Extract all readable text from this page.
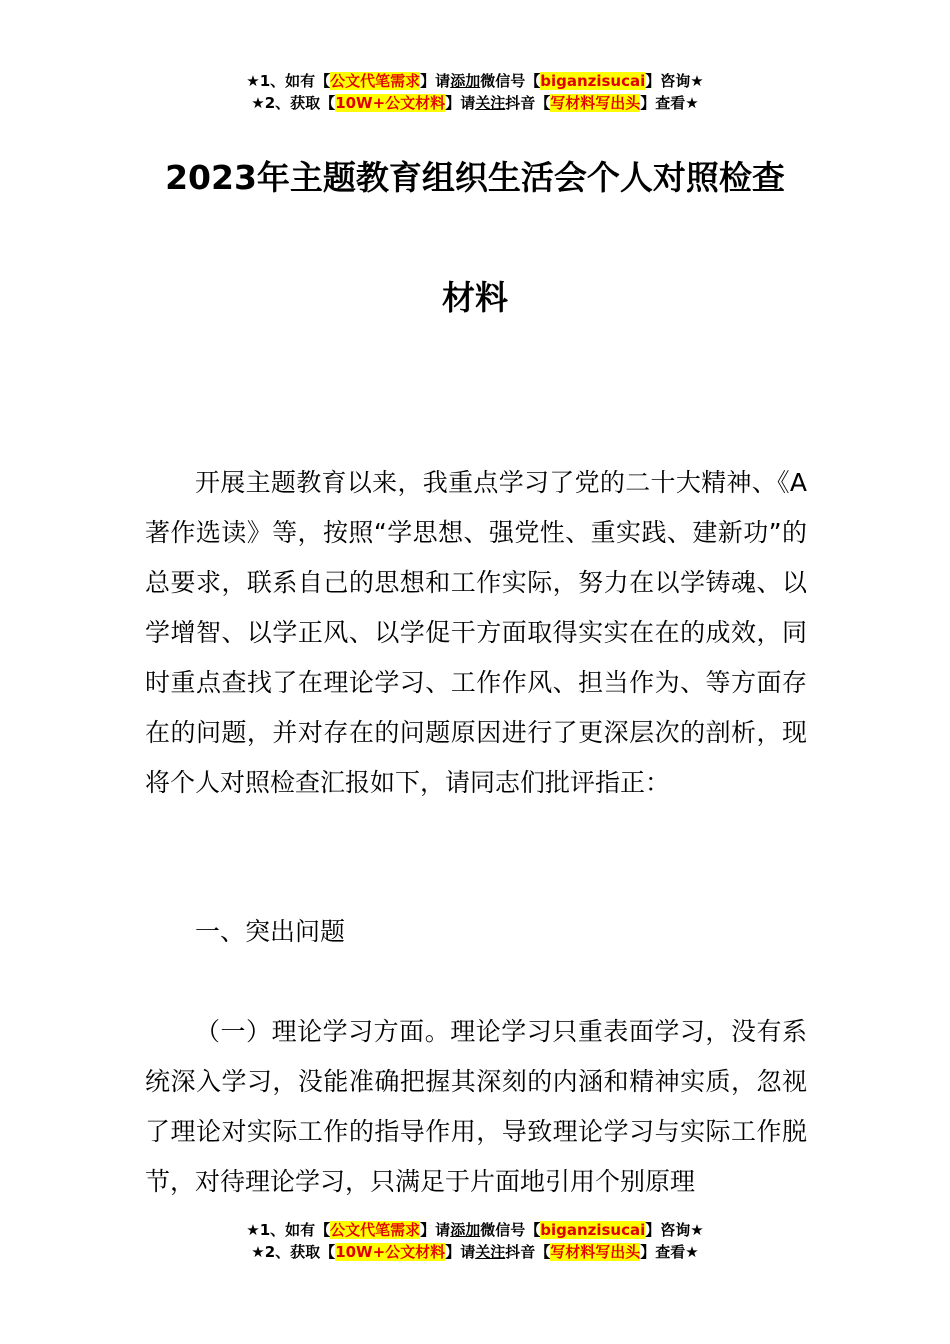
★1、如有【公文代笔需求】请添加微信号【biganzisucai】咨询★
★2、获取【10W+公文材料】请关注抖音【写材料写出头】查看★
2023年主题教育组织生活会个人对照检查
材料
开展主题教育以来，我重点学习了党的二十大精神、《A著作选读》等，按照“学思想、强党性、重实践、建新功”的总要求，联系自己的思想和工作实际，努力在以学铸魂、以学增智、以学正风、以学促干方面取得实实在在的成效，同时重点查找了在理论学习、工作作风、担当作为、等方面存在的问题，并对存在的问题原因进行了更深层次的剖析，现将个人对照检查汇报如下，请同志们批评指正：
一、突出问题
（一）理论学习方面。理论学习只重表面学习，没有系统深入学习，没能准确把握其深刻的内涵和精神实质，忽视了理论对实际工作的指导作用，导致理论学习与实际工作脱节，对待理论学习，只满足于片面地引用个别原理
★1、如有【公文代笔需求】请添加微信号【biganzisucai】咨询★
★2、获取【10W+公文材料】请关注抖音【写材料写出头】查看★
